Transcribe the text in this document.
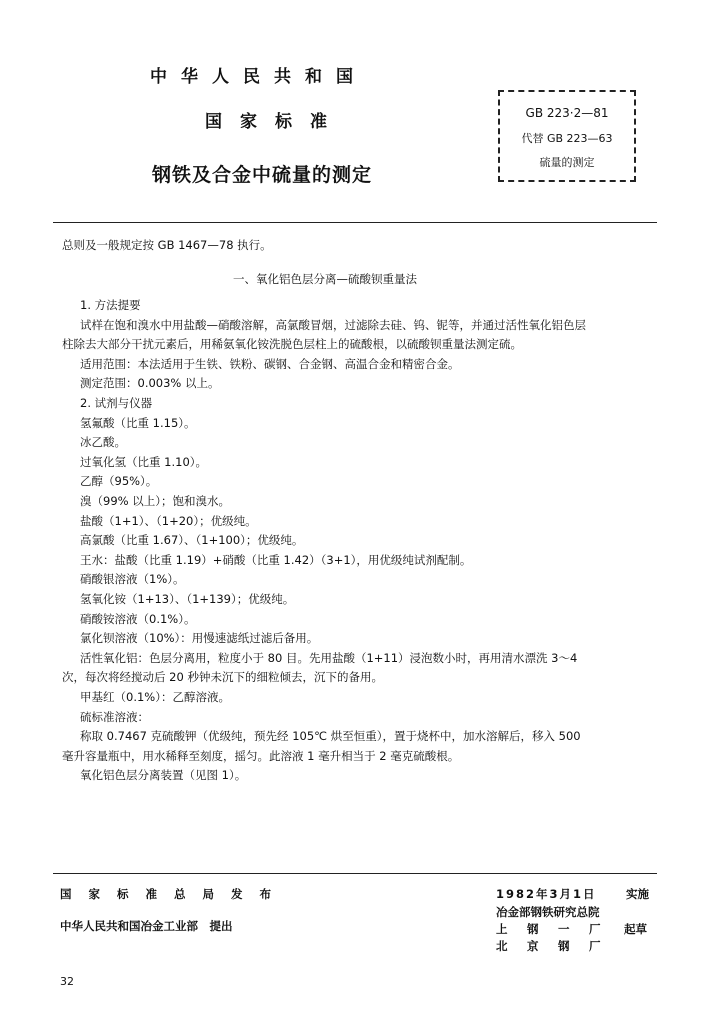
中华人民共和国
国家标准
钢铁及合金中硫量的测定
GB 223·2—81
代替 GB 223—63
硫量的测定
总则及一般规定按 GB 1467—78 执行。
一、氧化铝色层分离—硫酸钡重量法
1. 方法提要
试样在饱和溴水中用盐酸—硝酸溶解，高氯酸冒烟，过滤除去硅、钨、铌等，并通过活性氧化铝色层
柱除去大部分干扰元素后，用稀氨氧化铵洗脱色层柱上的硫酸根，以硫酸钡重量法测定硫。
适用范围：本法适用于生铁、铁粉、碳钢、合金钢、高温合金和精密合金。
测定范围：0.003% 以上。
2. 试剂与仪器
氢氟酸（比重 1.15）。
冰乙酸。
过氧化氢（比重 1.10）。
乙醇（95%）。
溴（99% 以上）；饱和溴水。
盐酸（1+1）、（1+20）；优级纯。
高氯酸（比重 1.67）、（1+100）；优级纯。
王水：盐酸（比重 1.19）+硝酸（比重 1.42）（3+1），用优级纯试剂配制。
硝酸银溶液（1%）。
氢氧化铵（1+13）、（1+139）；优级纯。
硝酸铵溶液（0.1%）。
氯化钡溶液（10%）：用慢速滤纸过滤后备用。
活性氧化铝：色层分离用，粒度小于 80 目。先用盐酸（1+11）浸泡数小时，再用清水漂洗 3～4
次，每次将经搅动后 20 秒钟未沉下的细粒倾去，沉下的备用。
甲基红（0.1%）：乙醇溶液。
硫标准溶液：
称取 0.7467 克硫酸钾（优级纯，预先经 105℃ 烘至恒重），置于烧杯中，加水溶解后，移入 500
毫升容量瓶中，用水稀释至刻度，摇匀。此溶液 1 毫升相当于 2 毫克硫酸根。
氧化铝色层分离装置（见图 1）。
国家标准总局发布	1982年3月1日	实施
中华人民共和国冶金工业部　提出
冶金部钢铁研究总院
上　钢　一　厂
北　京　钢　厂
起草
32
